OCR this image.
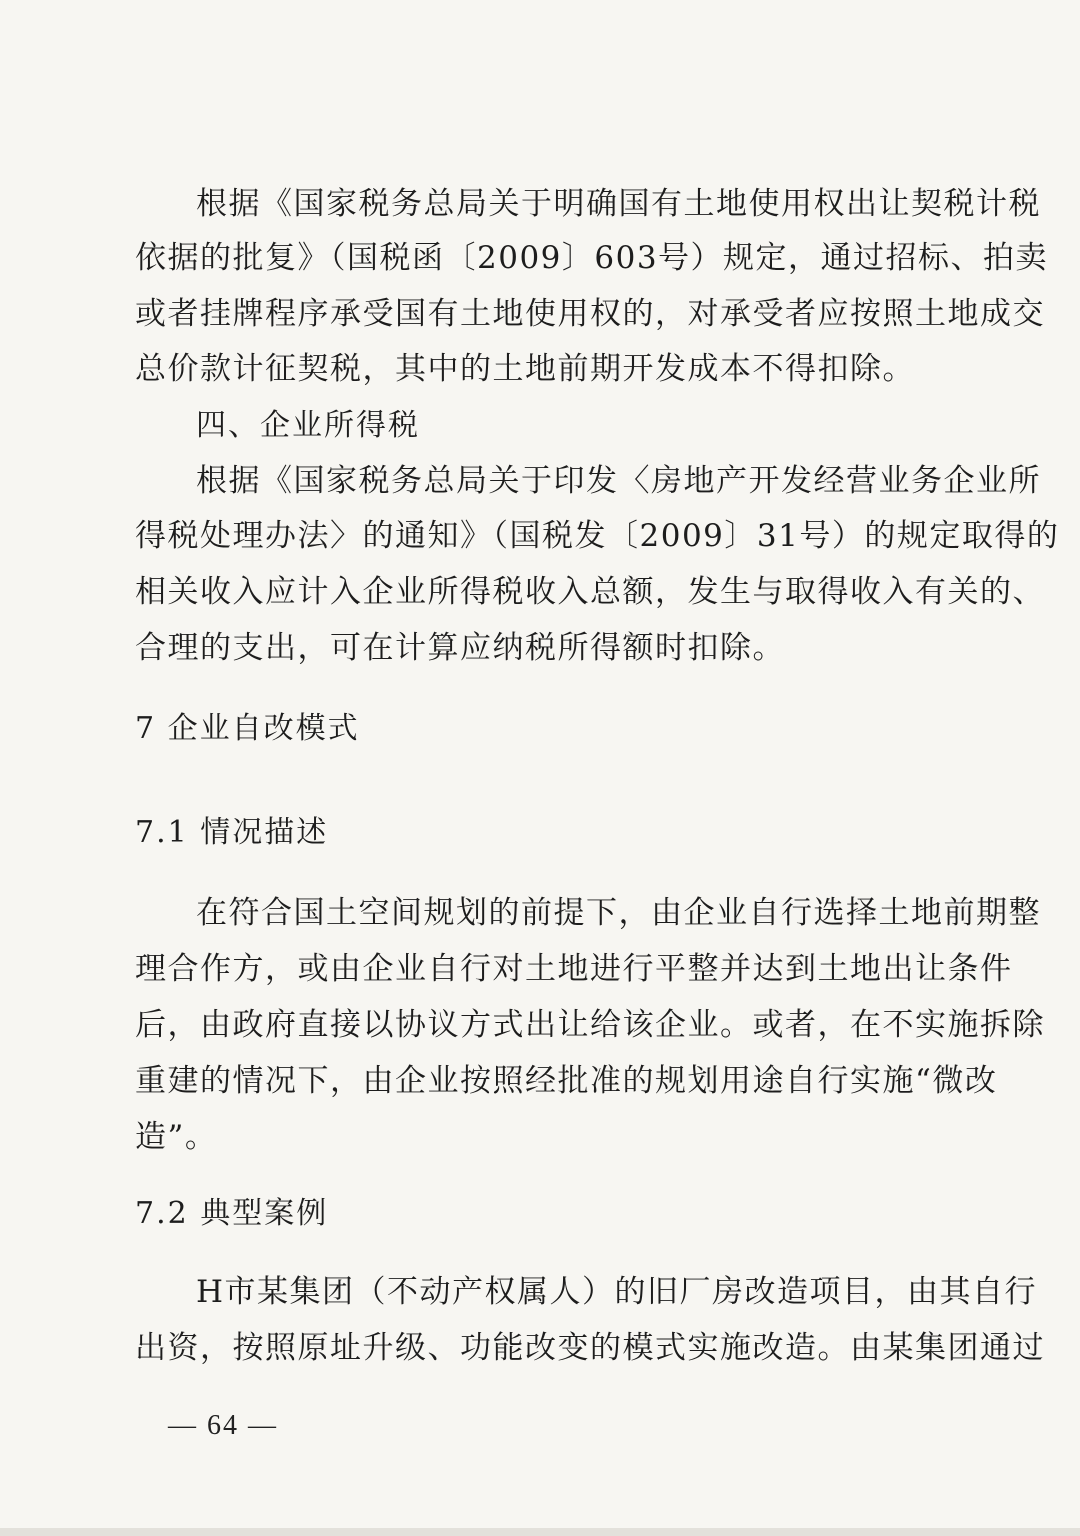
根据《国家税务总局关于明确国有土地使用权出让契税计税
依据的批复》（国税函〔2009〕603号）规定，通过招标、拍卖
或者挂牌程序承受国有土地使用权的，对承受者应按照土地成交
总价款计征契税，其中的土地前期开发成本不得扣除。
四、企业所得税
根据《国家税务总局关于印发〈房地产开发经营业务企业所
得税处理办法〉的通知》（国税发〔2009〕31号）的规定取得的
相关收入应计入企业所得税收入总额，发生与取得收入有关的、
合理的支出，可在计算应纳税所得额时扣除。
7 企业自改模式
7.1 情况描述
在符合国土空间规划的前提下，由企业自行选择土地前期整
理合作方，或由企业自行对土地进行平整并达到土地出让条件
后，由政府直接以协议方式出让给该企业。或者，在不实施拆除
重建的情况下，由企业按照经批准的规划用途自行实施“微改
造”。
7.2 典型案例
H市某集团（不动产权属人）的旧厂房改造项目，由其自行
出资，按照原址升级、功能改变的模式实施改造。由某集团通过
— 64 —
